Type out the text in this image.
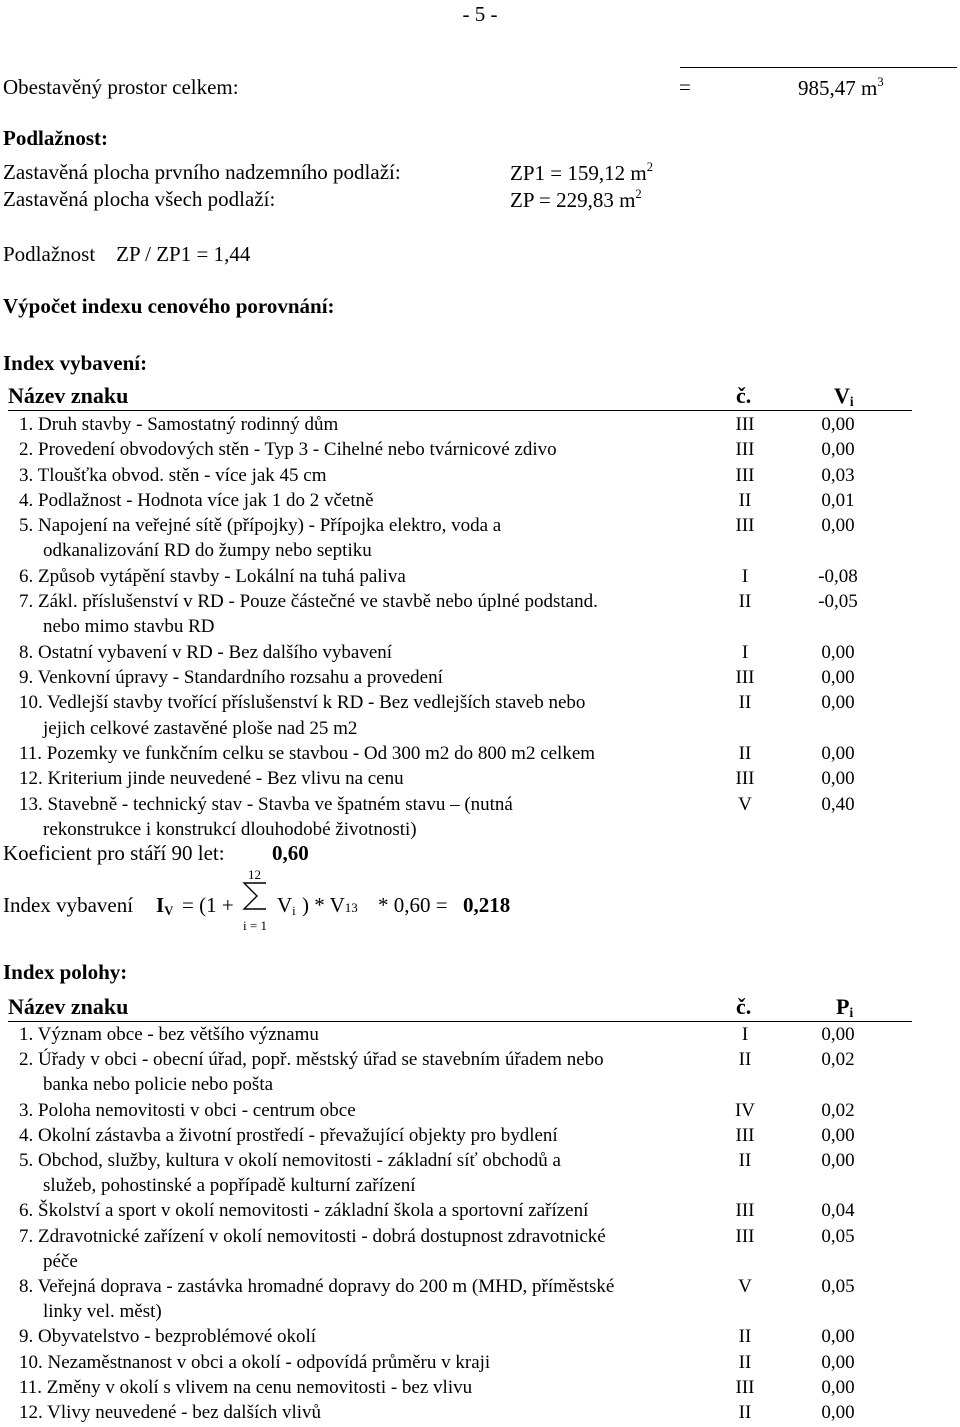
- 5 -
Obestavěný prostor celkem:	=	985,47 $m^3$
Podlažnost:
Zastavěná plocha prvního nadzemního podlaží:	ZP1 = 159,12 $m^2$
Zastavěná plocha všech podlaží:	ZP = 229,83 $m^2$
Podlažnost    ZP / ZP1 = 1,44
Výpočet indexu cenového porovnání:
Index vybavení:
Název znaku	č.	$V_i$
1. Druh stavby - Samostatný rodinný dům	III	0,00
2. Provedení obvodových stěn - Typ 3 - Cihelné nebo tvárnicové zdivo	III	0,00
3. Tloušťka obvod. stěn - více jak 45 cm	III	0,03
4. Podlažnost - Hodnota více jak 1 do 2 včetně	II	0,01
5. Napojení na veřejné sítě (přípojky) - Přípojka elektro, voda a	III	0,00
odkanalizování RD do žumpy nebo septiku
6. Způsob vytápění stavby - Lokální na tuhá paliva	I	-0,08
7. Zákl. příslušenství v RD - Pouze částečné ve stavbě nebo úplné podstand.	II	-0,05
nebo mimo stavbu RD
8. Ostatní vybavení v RD - Bez dalšího vybavení	I	0,00
9. Venkovní úpravy - Standardního rozsahu a provedení	III	0,00
10. Vedlejší stavby tvořící příslušenství k RD - Bez vedlejších staveb nebo	II	0,00
jejich celkové zastavěné ploše nad 25 m2
11. Pozemky ve funkčním celku se stavbou - Od 300 m2 do 800 m2 celkem	II	0,00
12. Kriterium jinde neuvedené - Bez vlivu na cenu	III	0,00
13. Stavebně - technický stav - Stavba ve špatném stavu – (nutná	V	0,40
rekonstrukce i konstrukcí dlouhodobé životnosti)
Koeficient pro stáří 90 let: 0,60
Index vybavení $I_V = (1$ +
12
i = 1
$V_i$ ) * V13 * 0,60 = 0,218
Index polohy:
Název znaku	č.	$P_i$
1. Význam obce - bez většího významu	I	0,00
2. Úřady v obci - obecní úřad, popř. městský úřad se stavebním úřadem nebo	II	0,02
banka nebo policie nebo pošta
3. Poloha nemovitosti v obci - centrum obce	IV	0,02
4. Okolní zástavba a životní prostředí - převažující objekty pro bydlení	III	0,00
5. Obchod, služby, kultura v okolí nemovitosti - základní síť obchodů a	II	0,00
služeb, pohostinské a popřípadě kulturní zařízení
6. Školství a sport v okolí nemovitosti - základní škola a sportovní zařízení	III	0,04
7. Zdravotnické zařízení v okolí nemovitosti - dobrá dostupnost zdravotnické	III	0,05
péče
8. Veřejná doprava - zastávka hromadné dopravy do 200 m (MHD, příměstské	V	0,05
linky vel. měst)
9. Obyvatelstvo - bezproblémové okolí	II	0,00
10. Nezaměstnanost v obci a okolí - odpovídá průměru v kraji	II	0,00
11. Změny v okolí s vlivem na cenu nemovitosti - bez vlivu	III	0,00
12. Vlivy neuvedené - bez dalších vlivů	II	0,00
